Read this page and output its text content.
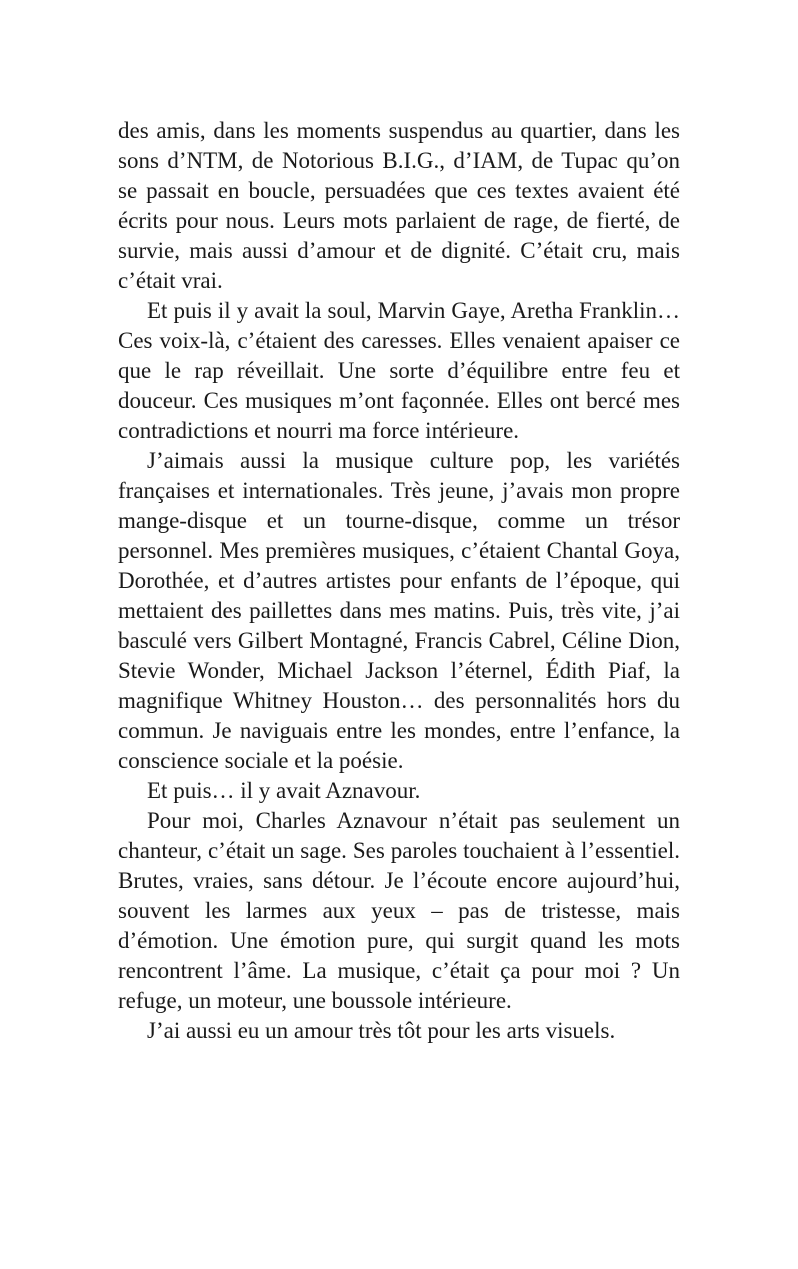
des amis, dans les moments suspendus au quartier, dans les sons d’NTM, de Notorious B.I.G., d’IAM, de Tupac qu’on se passait en boucle, persuadées que ces textes avaient été écrits pour nous. Leurs mots parlaient de rage, de fierté, de survie, mais aussi d’amour et de dignité. C’était cru, mais c’était vrai.

Et puis il y avait la soul, Marvin Gaye, Aretha Franklin… Ces voix-là, c’étaient des caresses. Elles venaient apaiser ce que le rap réveillait. Une sorte d’équilibre entre feu et douceur. Ces musiques m’ont façonnée. Elles ont bercé mes contradictions et nourri ma force intérieure.

J’aimais aussi la musique culture pop, les variétés françaises et internationales. Très jeune, j’avais mon propre mange-disque et un tourne-disque, comme un trésor personnel. Mes premières musiques, c’étaient Chantal Goya, Dorothée, et d’autres artistes pour enfants de l’époque, qui mettaient des paillettes dans mes matins. Puis, très vite, j’ai basculé vers Gilbert Montagné, Francis Cabrel, Céline Dion, Stevie Wonder, Michael Jackson l’éternel, Édith Piaf, la magnifique Whitney Houston… des personnalités hors du commun. Je naviguais entre les mondes, entre l’enfance, la conscience sociale et la poésie.

Et puis… il y avait Aznavour.

Pour moi, Charles Aznavour n’était pas seulement un chanteur, c’était un sage. Ses paroles touchaient à l’essentiel. Brutes, vraies, sans détour. Je l’écoute encore aujourd’hui, souvent les larmes aux yeux – pas de tristesse, mais d’émotion. Une émotion pure, qui surgit quand les mots rencontrent l’âme. La musique, c’était ça pour moi ? Un refuge, un moteur, une boussole intérieure.

J’ai aussi eu un amour très tôt pour les arts visuels.
